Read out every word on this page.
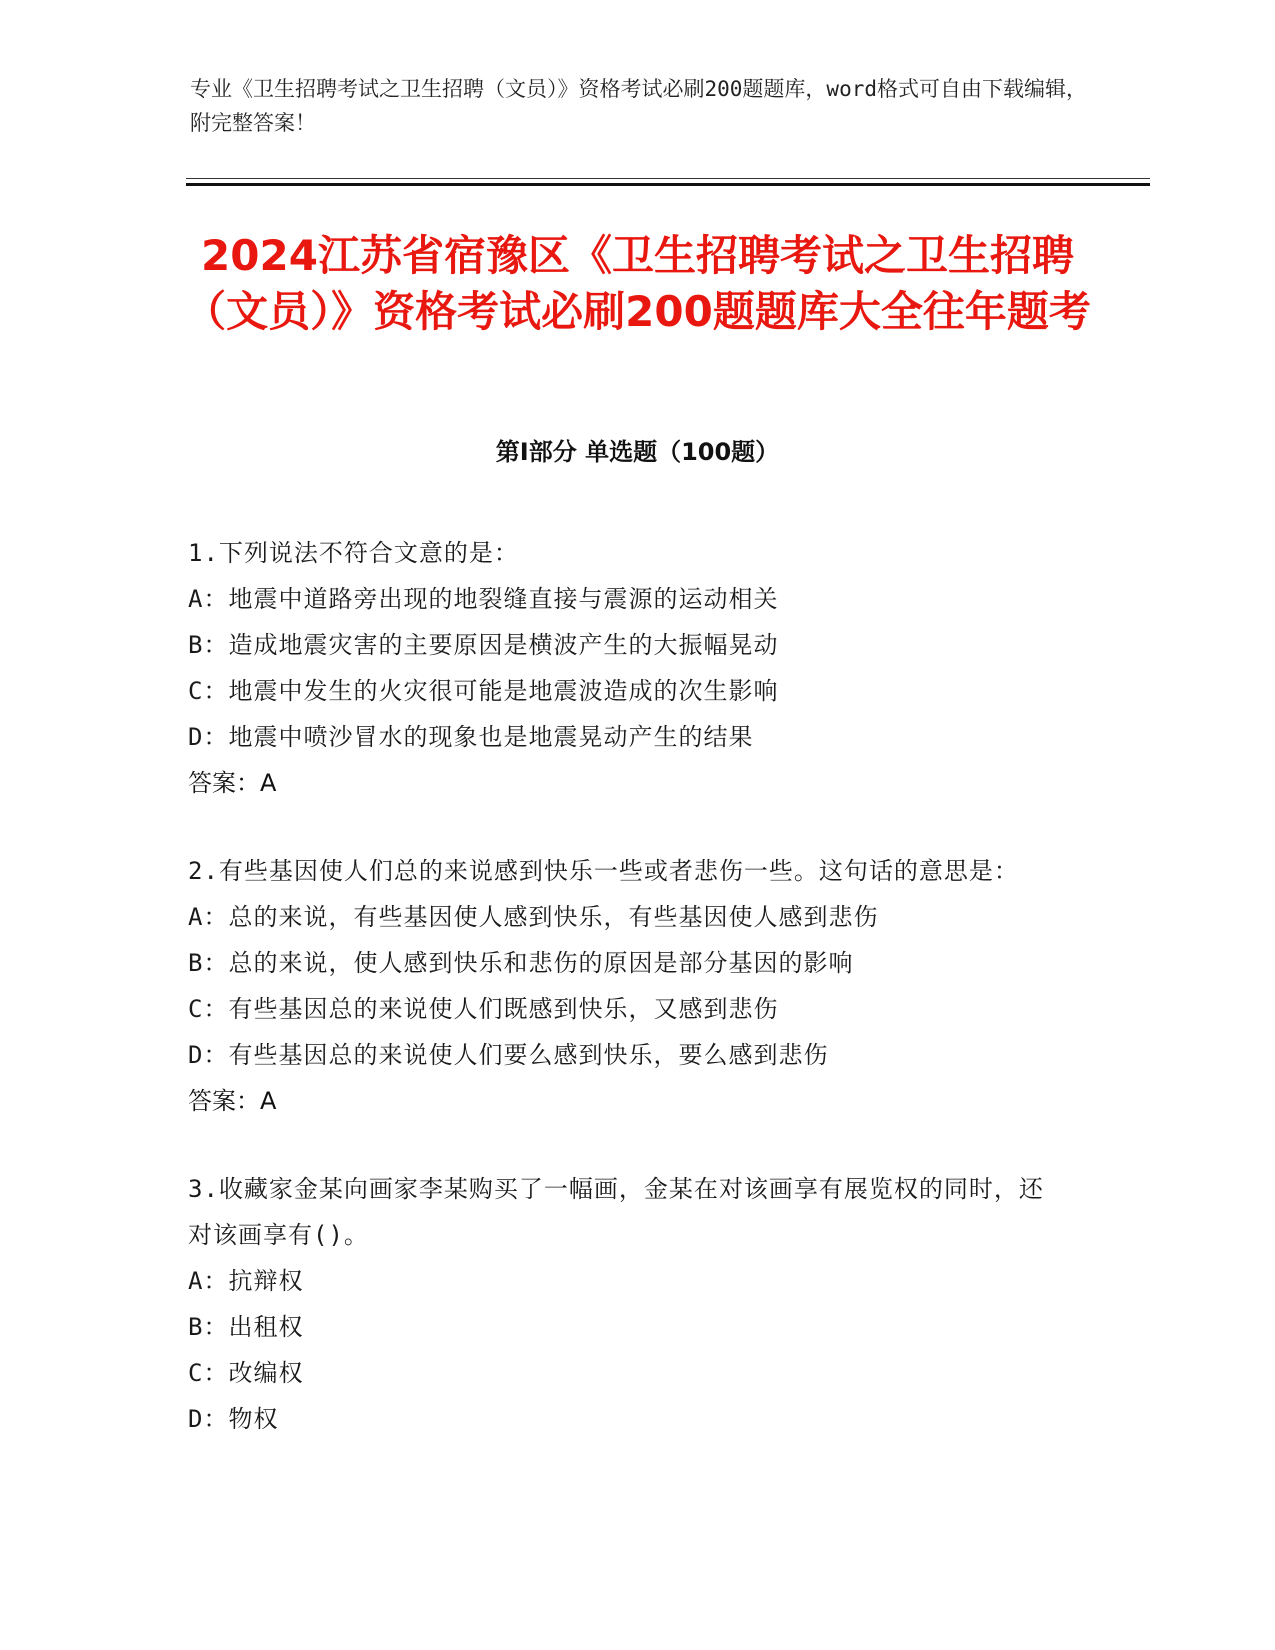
专业《卫生招聘考试之卫生招聘（文员）》资格考试必刷200题题库，word格式可自由下载编辑，附完整答案！

2024江苏省宿豫区《卫生招聘考试之卫生招聘（文员）》资格考试必刷200题题库大全往年题考
第I部分 单选题（100题）

1.下列说法不符合文意的是：

A：地震中道路旁出现的地裂缝直接与震源的运动相关

B：造成地震灾害的主要原因是横波产生的大振幅晃动

C：地震中发生的火灾很可能是地震波造成的次生影响

D：地震中喷沙冒水的现象也是地震晃动产生的结果

答案：A

2.有些基因使人们总的来说感到快乐一些或者悲伤一些。这句话的意思是：

A：总的来说，有些基因使人感到快乐，有些基因使人感到悲伤

B：总的来说，使人感到快乐和悲伤的原因是部分基因的影响

C：有些基因总的来说使人们既感到快乐，又感到悲伤

D：有些基因总的来说使人们要么感到快乐，要么感到悲伤

答案：A

3.收藏家金某向画家李某购买了一幅画，金某在对该画享有展览权的同时，还对该画享有()。

A：抗辩权

B：出租权

C：改编权

D：物权
